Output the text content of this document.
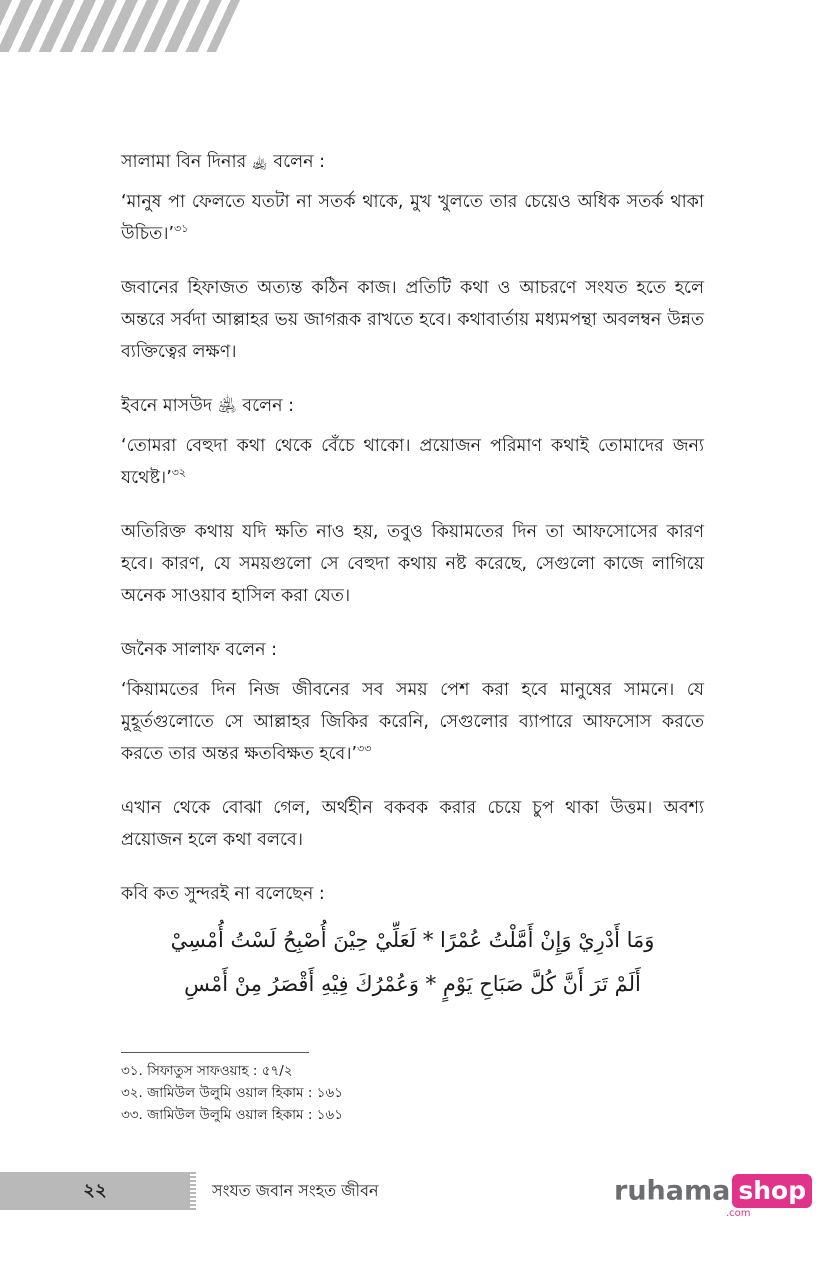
সালামা বিন দিনার ﵀ বলেন :

‘মানুষ পা ফেলতে যতটা না সতর্ক থাকে, মুখ খুলতে তার চেয়েও অধিক সতর্ক থাকা উচিত।’$^{৩১}$

জবানের হিফাজত অত্যন্ত কঠিন কাজ। প্রতিটি কথা ও আচরণে সংযত হতে হলে অন্তরে সর্বদা আল্লাহর ভয় জাগরূক রাখতে হবে। কথাবার্তায় মধ্যমপন্থা অবলম্বন উন্নত ব্যক্তিত্বের লক্ষণ।

ইবনে মাসউদ ﵁ বলেন :

‘তোমরা বেহুদা কথা থেকে বেঁচে থাকো। প্রয়োজন পরিমাণ কথাই তোমাদের জন্য যথেষ্ট।’$^{৩২}$

অতিরিক্ত কথায় যদি ক্ষতি নাও হয়, তবুও কিয়ামতের দিন তা আফসোসের কারণ হবে। কারণ, যে সময়গুলো সে বেহুদা কথায় নষ্ট করেছে, সেগুলো কাজে লাগিয়ে অনেক সাওয়াব হাসিল করা যেত।

জনৈক সালাফ বলেন :

‘কিয়ামতের দিন নিজ জীবনের সব সময় পেশ করা হবে মানুষের সামনে। যে মুহূর্তগুলোতে সে আল্লাহর জিকির করেনি, সেগুলোর ব্যাপারে আফসোস করতে করতে তার অন্তর ক্ষতবিক্ষত হবে।’$^{৩৩}$

এখান থেকে বোঝা গেল, অর্থহীন বকবক করার চেয়ে চুপ থাকা উত্তম। অবশ্য প্রয়োজন হলে কথা বলবে।

কবি কত সুন্দরই না বলেছেন :

وَمَا أَدْرِيْ وَإِنْ أَمَّلْتُ عُمْرًا * لَعَلِّيْ حِيْنَ أُصْبِحُ لَسْتُ أُمْسِيْ
أَلَمْ تَرَ أَنَّ كُلَّ صَبَاحِ يَوْمٍ * وَعُمْرُكَ فِيْهِ أَقْصَرُ مِنْ أَمْسِ
৩১. সিফাতুস সাফওয়াহ : ৫৭/২
৩২. জামিউল উলুমি ওয়াল হিকাম : ১৬১
৩৩. জামিউল উলুমি ওয়াল হিকাম : ১৬১
২২	সংযত জবান সংহত জীবন	ruhama shop
.com
